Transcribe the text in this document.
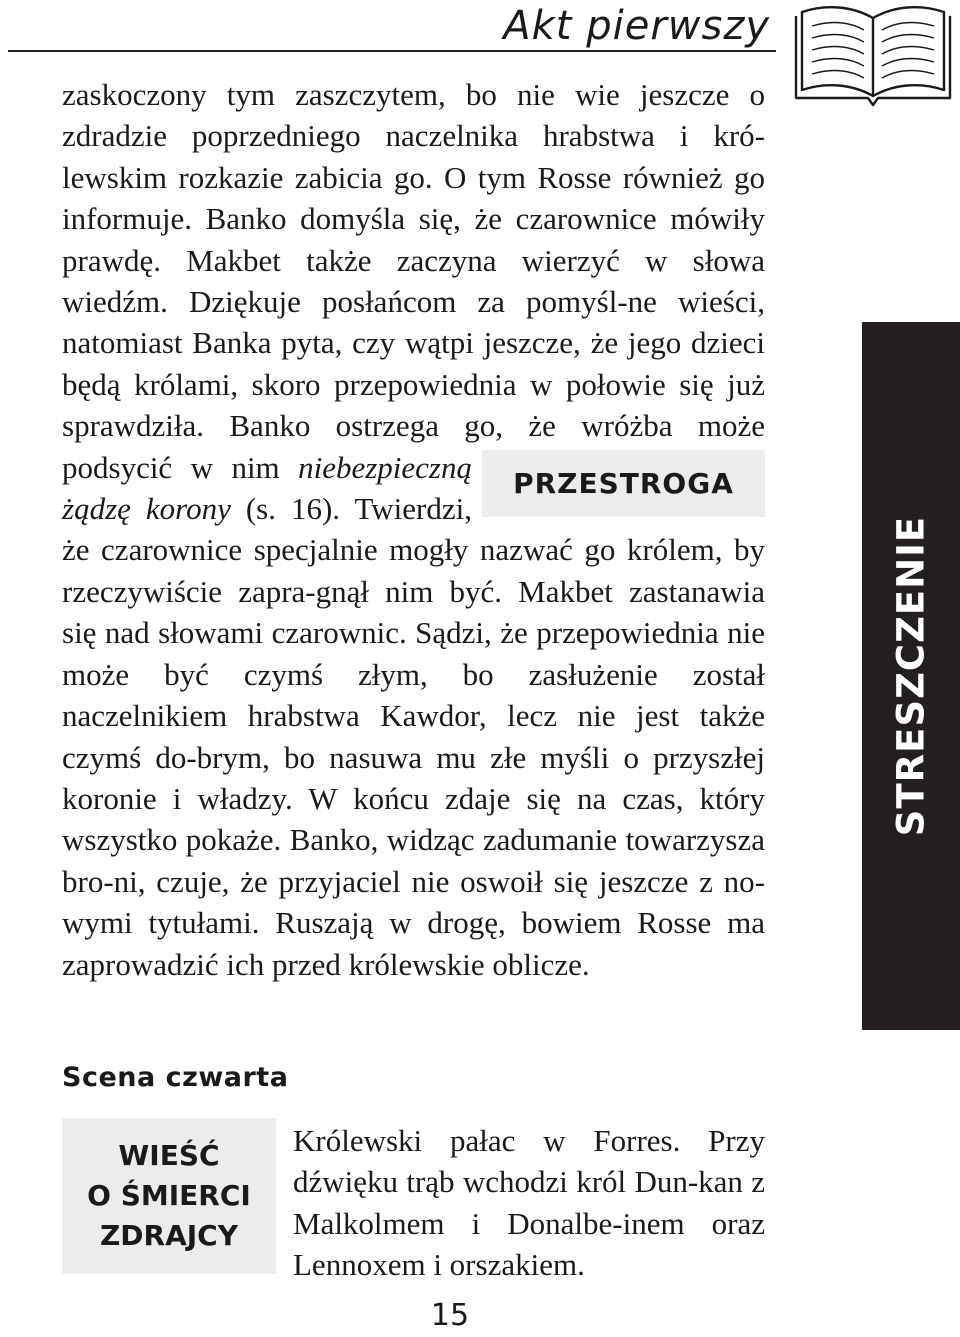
Akt pierwszy
STRESZCZENIE
PRZESTROGA

zaskoczony tym zaszczytem, bo nie wie jeszcze o zdradzie poprzedniego naczelnika hrabstwa i kró-lewskim rozkazie zabicia go. O tym Rosse również go informuje. Banko domyśla się, że czarownice mówiły prawdę. Makbet także zaczyna wierzyć w słowa wiedźm. Dziękuje posłańcom za pomyśl-ne wieści, natomiast Banka pyta, czy wątpi jeszcze, że jego dzieci będą królami, skoro przepowiednia w połowie się już sprawdziła. Banko ostrzega go, że wróżba może podsycić w nim niebezpieczną żądzę korony (s. 16). Twierdzi, że czarownice specjalnie mogły nazwać go królem, by rzeczywiście zapra-gnął nim być. Makbet zastanawia się nad słowami czarownic. Sądzi, że przepowiednia nie może być czymś złym, bo zasłużenie został naczelnikiem hrabstwa Kawdor, lecz nie jest także czymś do-brym, bo nasuwa mu złe myśli o przyszłej koronie i władzy. W końcu zdaje się na czas, który wszystko pokaże. Banko, widząc zadumanie towarzysza bro-ni, czuje, że przyjaciel nie oswoił się jeszcze z no-wymi tytułami. Ruszają w drogę, bowiem Rosse ma zaprowadzić ich przed królewskie oblicze.

Scena czwarta
WIEŚĆ
O ŚMIERCI
ZDRAJCY
Królewski pałac w Forres. Przy dźwięku trąb wchodzi król Dun-kan z Malkolmem i Donalbe-inem oraz Lennoxem i orszakiem.
15
